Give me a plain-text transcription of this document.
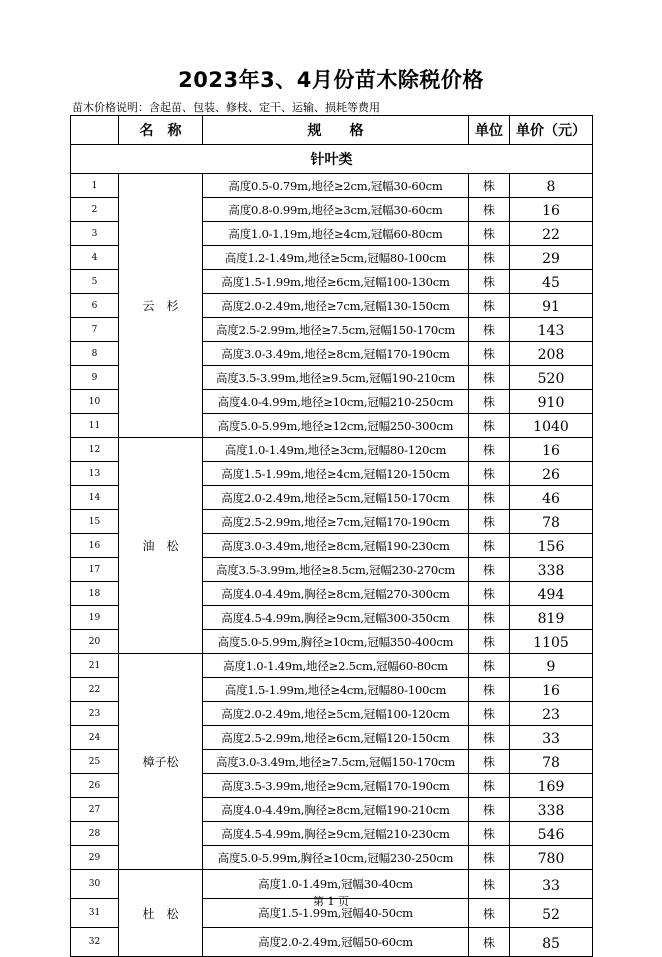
2023年3、4月份苗木除税价格
苗木价格说明：含起苗、包装、修枝、定干、运输、损耗等费用
	名　称	规　　格	单位	单价（元）
针叶类				
1	云　杉	高度0.5-0.79m,地径≥2cm,冠幅30-60cm	株	8
2		高度0.8-0.99m,地径≥3cm,冠幅30-60cm	株	16
3		高度1.0-1.19m,地径≥4cm,冠幅60-80cm	株	22
4		高度1.2-1.49m,地径≥5cm,冠幅80-100cm	株	29
5		高度1.5-1.99m,地径≥6cm,冠幅100-130cm	株	45
6		高度2.0-2.49m,地径≥7cm,冠幅130-150cm	株	91
7		高度2.5-2.99m,地径≥7.5cm,冠幅150-170cm	株	143
8		高度3.0-3.49m,地径≥8cm,冠幅170-190cm	株	208
9		高度3.5-3.99m,地径≥9.5cm,冠幅190-210cm	株	520
10		高度4.0-4.99m,地径≥10cm,冠幅210-250cm	株	910
11		高度5.0-5.99m,地径≥12cm,冠幅250-300cm	株	1040
12	油　松	高度1.0-1.49m,地径≥3cm,冠幅80-120cm	株	16
13		高度1.5-1.99m,地径≥4cm,冠幅120-150cm	株	26
14		高度2.0-2.49m,地径≥5cm,冠幅150-170cm	株	46
15		高度2.5-2.99m,地径≥7cm,冠幅170-190cm	株	78
16		高度3.0-3.49m,地径≥8cm,冠幅190-230cm	株	156
17		高度3.5-3.99m,地径≥8.5cm,冠幅230-270cm	株	338
18		高度4.0-4.49m,胸径≥8cm,冠幅270-300cm	株	494
19		高度4.5-4.99m,胸径≥9cm,冠幅300-350cm	株	819
20		高度5.0-5.99m,胸径≥10cm,冠幅350-400cm	株	1105
21	樟子松	高度1.0-1.49m,地径≥2.5cm,冠幅60-80cm	株	9
22		高度1.5-1.99m,地径≥4cm,冠幅80-100cm	株	16
23		高度2.0-2.49m,地径≥5cm,冠幅100-120cm	株	23
24		高度2.5-2.99m,地径≥6cm,冠幅120-150cm	株	33
25		高度3.0-3.49m,地径≥7.5cm,冠幅150-170cm	株	78
26		高度3.5-3.99m,地径≥9cm,冠幅170-190cm	株	169
27		高度4.0-4.49m,胸径≥8cm,冠幅190-210cm	株	338
28		高度4.5-4.99m,胸径≥9cm,冠幅210-230cm	株	546
29		高度5.0-5.99m,胸径≥10cm,冠幅230-250cm	株	780
30	杜　松	高度1.0-1.49m,冠幅30-40cm	株	33
31		高度1.5-1.99m,冠幅40-50cm	株	52
32		高度2.0-2.49m,冠幅50-60cm	株	85
第 1 页
